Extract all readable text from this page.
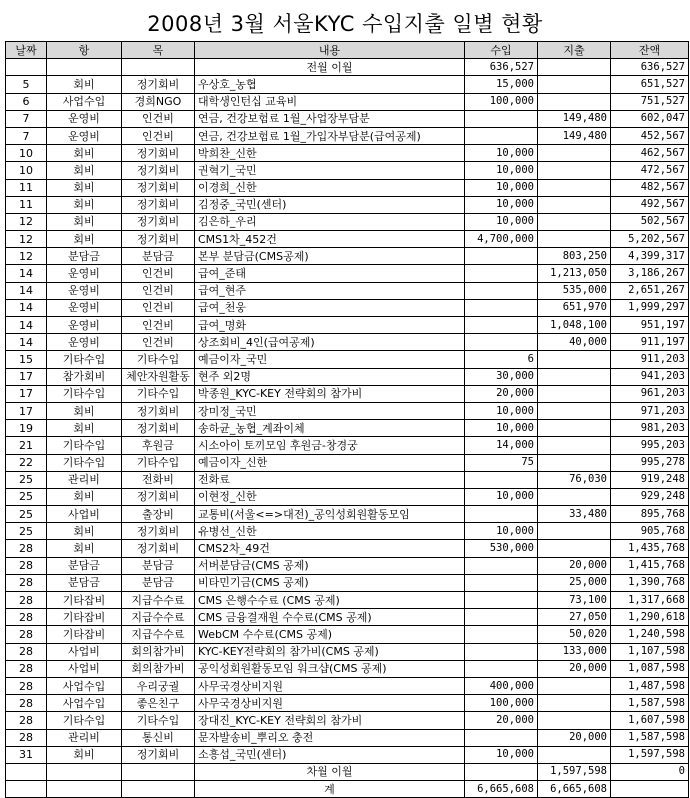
2008년 3월 서울KYC 수입지출 일별 현황
날짜	항	목	내용	수입	지출	잔액
			전월 이월	636,527		636,527
5	회비	정기회비	우상호_농협	15,000		651,527
6	사업수입	경희NGO	대학생인턴십 교육비	100,000		751,527
7	운영비	인건비	연금, 건강보험료 1월_사업장부담분		149,480	602,047
7	운영비	인건비	연금, 건강보험료 1월_가입자부담분(급여공제)		149,480	452,567
10	회비	정기회비	박희찬_신한	10,000		462,567
10	회비	정기회비	권혁기_국민	10,000		472,567
11	회비	정기회비	이경희_신한	10,000		482,567
11	회비	정기회비	김정중_국민(센터)	10,000		492,567
12	회비	정기회비	김은하_우리	10,000		502,567
12	회비	정기회비	CMS1차_452건	4,700,000		5,202,567
12	분담금	분담금	본부 분담금(CMS공제)		803,250	4,399,317
14	운영비	인건비	급여_준태		1,213,050	3,186,267
14	운영비	인건비	급여_현주		535,000	2,651,267
14	운영비	인건비	급여_천웅		651,970	1,999,297
14	운영비	인건비	급여_명화		1,048,100	951,197
14	운영비	인건비	상조회비_4인(급여공제)		40,000	911,197
15	기타수입	기타수입	예금이자_국민	6		911,203
17	참가회비	체안자원활동	현주 외2명	30,000		941,203
17	기타수입	기타수입	박종원_KYC-KEY 전략회의 참가비	20,000		961,203
17	회비	정기회비	장미정_국민	10,000		971,203
19	회비	정기회비	송하균_농협_계좌이체	10,000		981,203
21	기타수입	후원금	시소아이 토끼모임 후원금-창경궁	14,000		995,203
22	기타수입	기타수입	예금이자_신한	75		995,278
25	관리비	전화비	전화료		76,030	919,248
25	회비	정기회비	이현정_신한	10,000		929,248
25	사업비	출장비	교통비(서울<=>대전)_공익성회원활동모임		33,480	895,768
25	회비	정기회비	유병선_신한	10,000		905,768
28	회비	정기회비	CMS2차_49건	530,000		1,435,768
28	분담금	분담금	서버분담금(CMS 공제)		20,000	1,415,768
28	분담금	분담금	비타민기금(CMS 공제)		25,000	1,390,768
28	기타잡비	지급수수료	CMS 은행수수료 (CMS 공제)		73,100	1,317,668
28	기타잡비	지급수수료	CMS 금융결재원 수수료(CMS 공제)		27,050	1,290,618
28	기타잡비	지급수수료	WebCM 수수료(CMS 공제)		50,020	1,240,598
28	사업비	회의참가비	KYC-KEY전략회의 참가비(CMS 공제)		133,000	1,107,598
28	사업비	회의참가비	공익성회원활동모임 워크샵(CMS 공제)		20,000	1,087,598
28	사업수입	우리궁궐	사무국경상비지원	400,000		1,487,598
28	사업수입	좋은친구	사무국경상비지원	100,000		1,587,598
28	기타수입	기타수입	장대진_KYC-KEY 전략회의 참가비	20,000		1,607,598
28	관리비	통신비	문자발송비_뿌리오 충전		20,000	1,587,598
31	회비	정기회비	소흥섭_국민(센터)	10,000		1,597,598
			차월 이월		1,597,598	0
			계	6,665,608	6,665,608	
